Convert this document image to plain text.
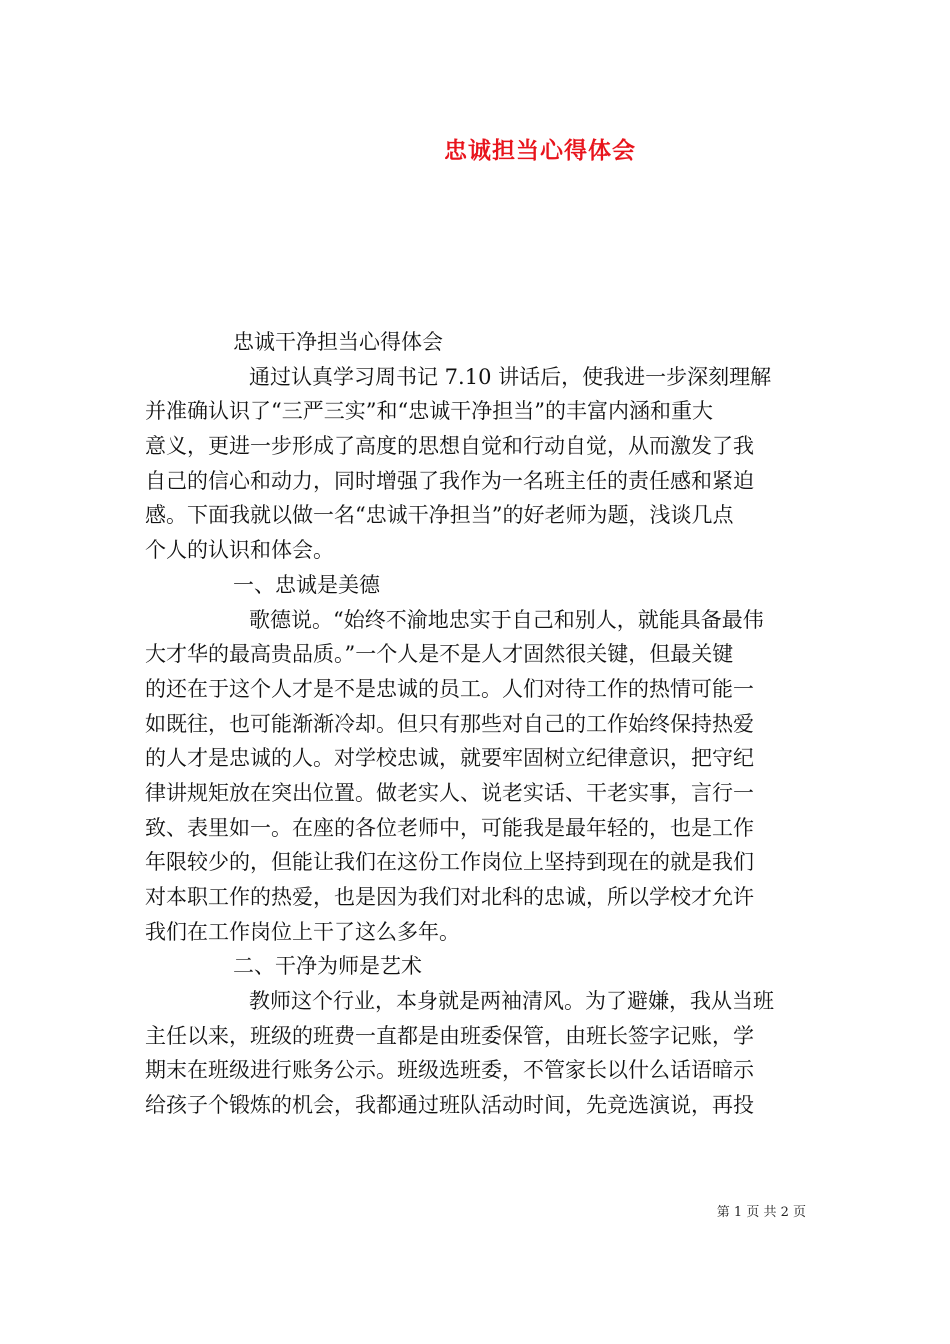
忠诚担当心得体会
忠诚干净担当心得体会
通过认真学习周书记 7.10 讲话后，使我进一步深刻理解
并准确认识了“三严三实”和“忠诚干净担当”的丰富内涵和重大
意义，更进一步形成了高度的思想自觉和行动自觉，从而激发了我
自己的信心和动力，同时增强了我作为一名班主任的责任感和紧迫
感。下面我就以做一名“忠诚干净担当”的好老师为题，浅谈几点
个人的认识和体会。
一、忠诚是美德
歌德说。“始终不渝地忠实于自己和别人，就能具备最伟
大才华的最高贵品质。”一个人是不是人才固然很关键，但最关键
的还在于这个人才是不是忠诚的员工。人们对待工作的热情可能一
如既往，也可能渐渐冷却。但只有那些对自己的工作始终保持热爱
的人才是忠诚的人。对学校忠诚，就要牢固树立纪律意识，把守纪
律讲规矩放在突出位置。做老实人、说老实话、干老实事，言行一
致、表里如一。在座的各位老师中，可能我是最年轻的，也是工作
年限较少的，但能让我们在这份工作岗位上坚持到现在的就是我们
对本职工作的热爱，也是因为我们对北科的忠诚，所以学校才允许
我们在工作岗位上干了这么多年。
二、干净为师是艺术
教师这个行业，本身就是两袖清风。为了避嫌，我从当班
主任以来，班级的班费一直都是由班委保管，由班长签字记账，学
期末在班级进行账务公示。班级选班委，不管家长以什么话语暗示
给孩子个锻炼的机会，我都通过班队活动时间，先竞选演说，再投
第 1 页 共 2 页
